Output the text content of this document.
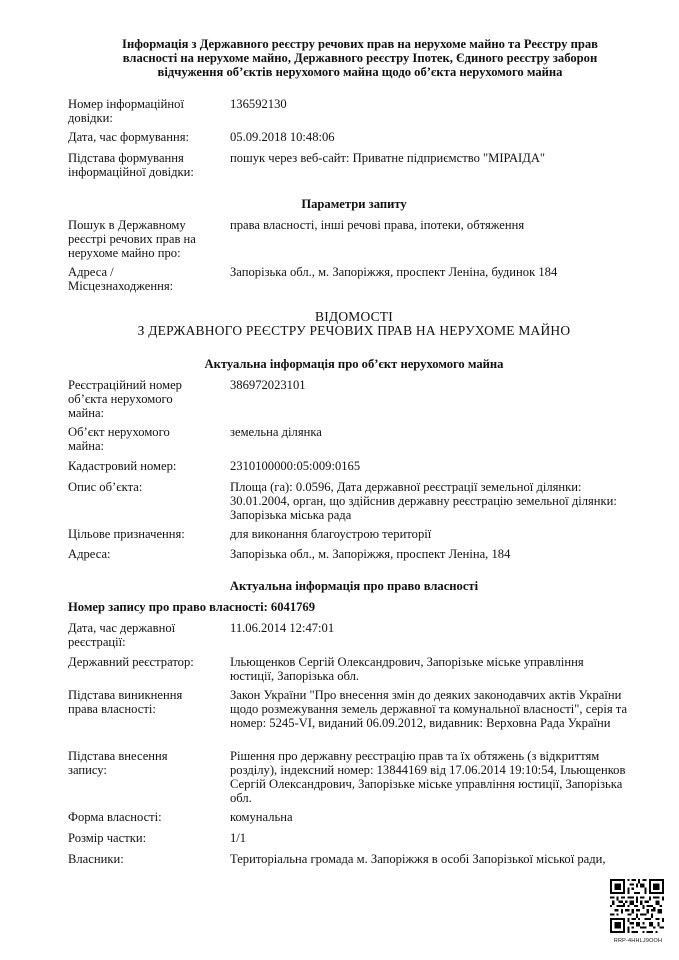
Інформація з Державного реєстру речових прав на нерухоме майно та Реєстру прав
власності на нерухоме майно, Державного реєстру Іпотек, Єдиного реєстру заборон
відчуження об’єктів нерухомого майна щодо об’єкта нерухомого майна
Номер інформаційної довідки:
136592130
Дата, час формування:	05.09.2018 10:48:06
Підстава формування інформаційної довідки:
пошук через веб-сайт: Приватне підприємство "МІРАІДА"
Параметри запиту
Пошук в Державному реєстрі речових прав на нерухоме майно про:
права власності, інші речові права, іпотеки, обтяження
Адреса / Місцезнаходження:
Запорізька обл., м. Запоріжжя, проспект Леніна, будинок 184
ВІДОМОСТІ
З ДЕРЖАВНОГО РЕЄСТРУ РЕЧОВИХ ПРАВ НА НЕРУХОМЕ МАЙНО
Актуальна інформація про об’єкт нерухомого майна
Реєстраційний номер об’єкта нерухомого майна:
386972023101
Об’єкт нерухомого майна:
земельна ділянка
Кадастровий номер:	2310100000:05:009:0165
Опис об’єкта:	Площа (га): 0.0596, Дата державної реєстрації земельної ділянки: 30.01.2004, орган, що здійснив державну реєстрацію земельної ділянки: Запорізька міська рада
Цільове призначення:	для виконання благоустрою території
Адреса:	Запорізька обл., м. Запоріжжя, проспект Леніна, 184
Актуальна інформація про право власності
Номер запису про право власності: 6041769
Дата, час державної реєстрації:
11.06.2014 12:47:01
Державний реєстратор:	Ільющенков Сергій Олександрович, Запорізьке міське управління юстиції, Запорізька обл.
Підстава виникнення права власності:
Закон України "Про внесення змін до деяких законодавчих актів України щодо розмежування земель державної та комунальної власності", серія та номер: 5245-VI, виданий 06.09.2012, видавник: Верховна Рада України
Підстава внесення запису:
Рішення про державну реєстрацію прав та їх обтяжень (з відкриттям розділу), індексний номер: 13844169 від 17.06.2014 19:10:54, Ільющенков Сергій Олександрович, Запорізьке міське управління юстиції, Запорізька обл.
Форма власності:	комунальна
Розмір частки:	1/1
Власники:	Територіальна громада м. Запоріжжя в особі Запорізької міської ради,
RRP-4HHLJ9OOH
